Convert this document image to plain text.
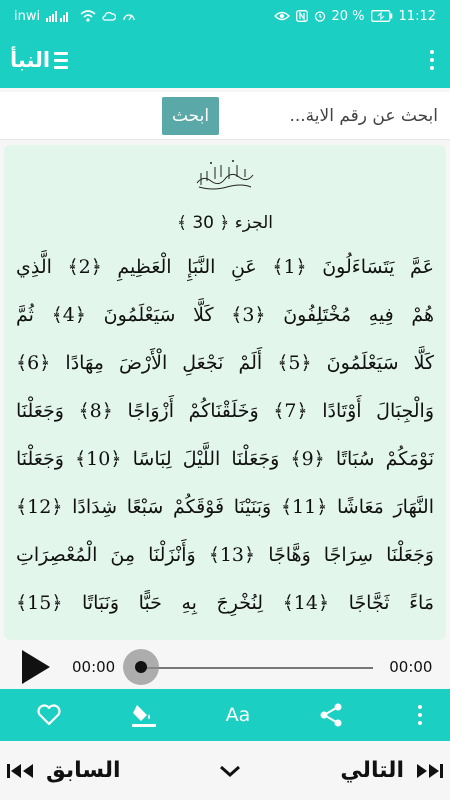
inwi	20 %	11:12
النبأ
ابحث
ابحث عن رقم الاية...
الجزء ﴿ 30 ﴾
عَمَّ يَتَسَاءَلُونَ ﴿1﴾ عَنِ النَّبَإِ الْعَظِيمِ ﴿2﴾ الَّذِي
هُمْ فِيهِ مُخْتَلِفُونَ ﴿3﴾ كَلَّا سَيَعْلَمُونَ ﴿4﴾ ثُمَّ
كَلَّا سَيَعْلَمُونَ ﴿5﴾ أَلَمْ نَجْعَلِ الْأَرْضَ مِهَادًا ﴿6﴾
وَالْجِبَالَ أَوْتَادًا ﴿7﴾ وَخَلَقْنَاكُمْ أَزْوَاجًا ﴿8﴾ وَجَعَلْنَا
نَوْمَكُمْ سُبَاتًا ﴿9﴾ وَجَعَلْنَا اللَّيْلَ لِبَاسًا ﴿10﴾ وَجَعَلْنَا
النَّهَارَ مَعَاشًا ﴿11﴾ وَبَنَيْنَا فَوْقَكُمْ سَبْعًا شِدَادًا ﴿12﴾
وَجَعَلْنَا سِرَاجًا وَهَّاجًا ﴿13﴾ وَأَنْزَلْنَا مِنَ الْمُعْصِرَاتِ
مَاءً ثَجَّاجًا ﴿14﴾ لِنُخْرِجَ بِهِ حَبًّا وَنَبَاتًا ﴿15﴾
00:00	00:00
Aa
السابق	التالي
